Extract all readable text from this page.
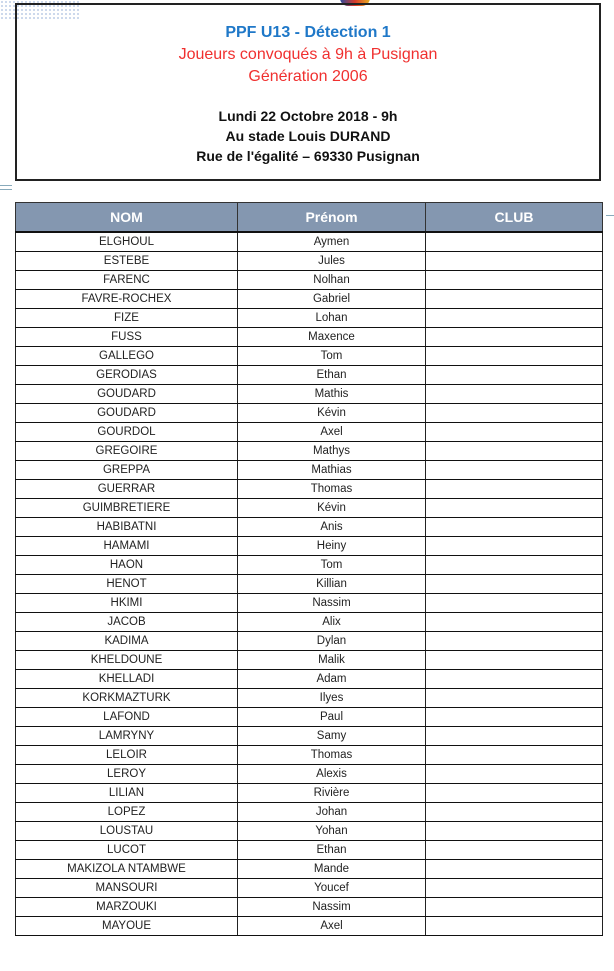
PPF U13 - Détection 1
Joueurs convoqués à 9h à Pusignan
Génération 2006
Lundi 22 Octobre 2018 - 9h
Au stade Louis DURAND
Rue de l'égalité – 69330 Pusignan
NOM	Prénom	CLUB
ELGHOUL	Aymen	
ESTEBE	Jules	
FARENC	Nolhan	
FAVRE-ROCHEX	Gabriel	
FIZE	Lohan	
FUSS	Maxence	
GALLEGO	Tom	
GERODIAS	Ethan	
GOUDARD	Mathis	
GOUDARD	Kévin	
GOURDOL	Axel	
GREGOIRE	Mathys	
GREPPA	Mathias	
GUERRAR	Thomas	
GUIMBRETIERE	Kévin	
HABIBATNI	Anis	
HAMAMI	Heiny	
HAON	Tom	
HENOT	Killian	
HKIMI	Nassim	
JACOB	Alix	
KADIMA	Dylan	
KHELDOUNE	Malik	
KHELLADI	Adam	
KORKMAZTURK	Ilyes	
LAFOND	Paul	
LAMRYNY	Samy	
LELOIR	Thomas	
LEROY	Alexis	
LILIAN	Rivière	
LOPEZ	Johan	
LOUSTAU	Yohan	
LUCOT	Ethan	
MAKIZOLA NTAMBWE	Mande	
MANSOURI	Youcef	
MARZOUKI	Nassim	
MAYOUE	Axel	
